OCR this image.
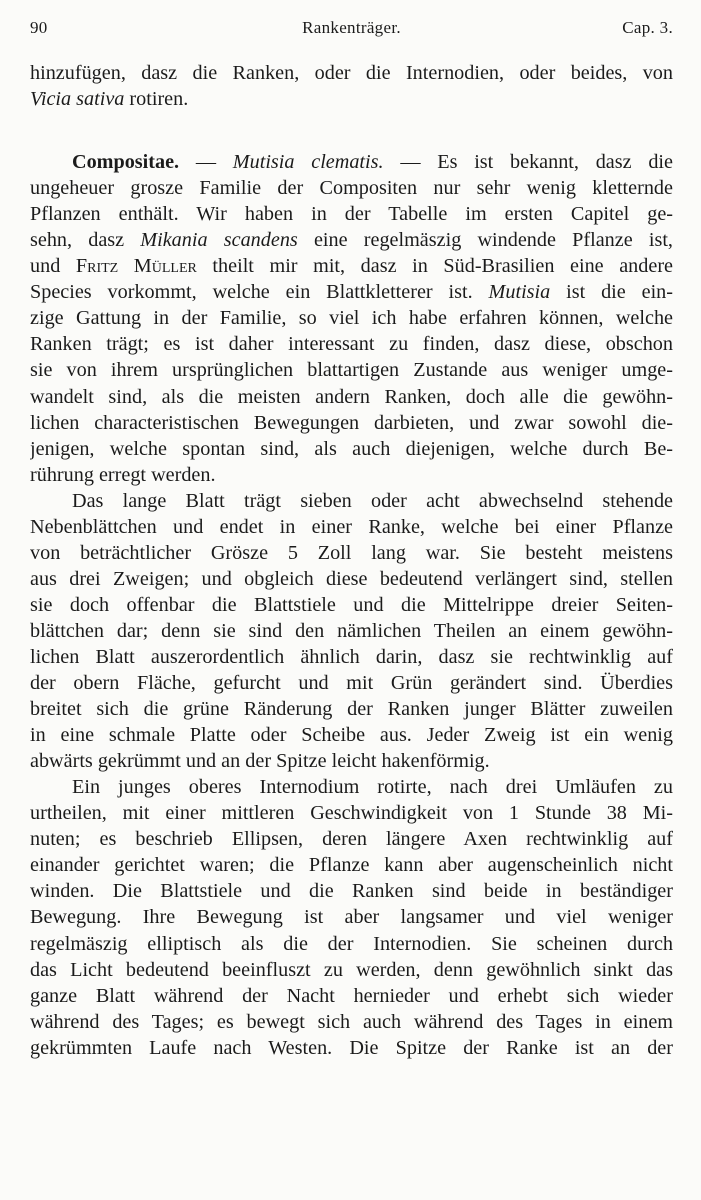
90	Rankenträger.	Cap. 3.
hinzufügen, dasz die Ranken, oder die Internodien, oder beides, von
Vicia sativa rotiren.
Compositae. — Mutisia clematis. — Es ist bekannt, dasz die
ungeheuer grosze Familie der Compositen nur sehr wenig kletternde
Pflanzen enthält. Wir haben in der Tabelle im ersten Capitel ge-
sehn, dasz Mikania scandens eine regelmäszig windende Pflanze ist,
und Fritz Müller theilt mir mit, dasz in Süd-Brasilien eine andere
Species vorkommt, welche ein Blattkletterer ist. Mutisia ist die ein-
zige Gattung in der Familie, so viel ich habe erfahren können, welche
Ranken trägt; es ist daher interessant zu finden, dasz diese, obschon
sie von ihrem ursprünglichen blattartigen Zustande aus weniger umge-
wandelt sind, als die meisten andern Ranken, doch alle die gewöhn-
lichen characteristischen Bewegungen darbieten, und zwar sowohl die-
jenigen, welche spontan sind, als auch diejenigen, welche durch Be-
rührung erregt werden.
Das lange Blatt trägt sieben oder acht abwechselnd stehende
Nebenblättchen und endet in einer Ranke, welche bei einer Pflanze
von beträchtlicher Grösze 5 Zoll lang war. Sie besteht meistens
aus drei Zweigen; und obgleich diese bedeutend verlängert sind, stellen
sie doch offenbar die Blattstiele und die Mittelrippe dreier Seiten-
blättchen dar; denn sie sind den nämlichen Theilen an einem gewöhn-
lichen Blatt auszerordentlich ähnlich darin, dasz sie rechtwinklig auf
der obern Fläche, gefurcht und mit Grün gerändert sind. Überdies
breitet sich die grüne Ränderung der Ranken junger Blätter zuweilen
in eine schmale Platte oder Scheibe aus. Jeder Zweig ist ein wenig
abwärts gekrümmt und an der Spitze leicht hakenförmig.
Ein junges oberes Internodium rotirte, nach drei Umläufen zu
urtheilen, mit einer mittleren Geschwindigkeit von 1 Stunde 38 Mi-
nuten; es beschrieb Ellipsen, deren längere Axen rechtwinklig auf
einander gerichtet waren; die Pflanze kann aber augenscheinlich nicht
winden. Die Blattstiele und die Ranken sind beide in beständiger
Bewegung. Ihre Bewegung ist aber langsamer und viel weniger
regelmäszig elliptisch als die der Internodien. Sie scheinen durch
das Licht bedeutend beeinfluszt zu werden, denn gewöhnlich sinkt das
ganze Blatt während der Nacht hernieder und erhebt sich wieder
während des Tages; es bewegt sich auch während des Tages in einem
gekrümmten Laufe nach Westen. Die Spitze der Ranke ist an der
